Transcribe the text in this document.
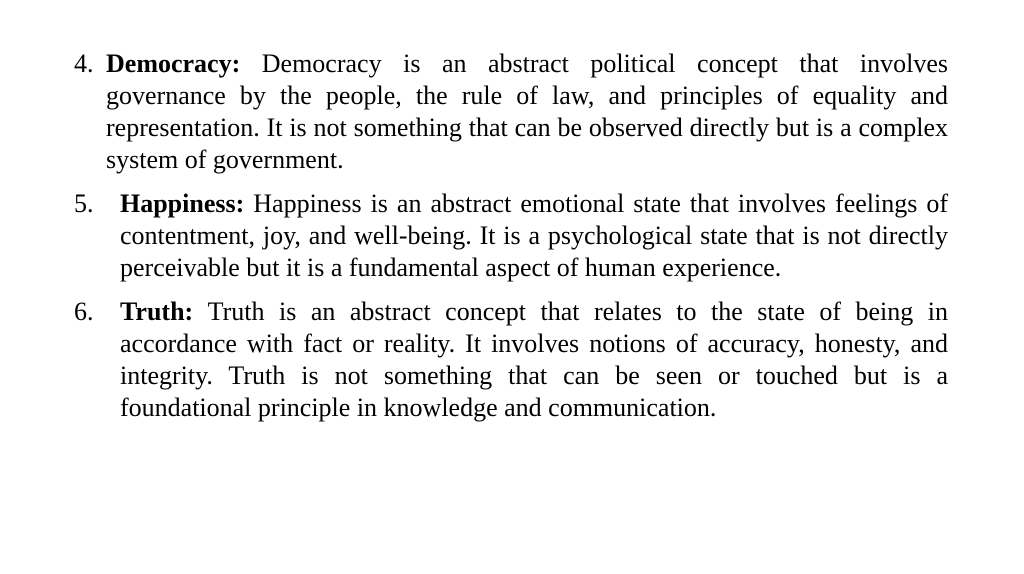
4. Democracy: Democracy is an abstract political concept that involves governance by the people, the rule of law, and principles of equality and representation. It is not something that can be observed directly but is a complex system of government.
5.	Happiness: Happiness is an abstract emotional state that involves feelings of contentment, joy, and well-being. It is a psychological state that is not directly perceivable but it is a fundamental aspect of human experience.
6.	Truth: Truth is an abstract concept that relates to the state of being in accordance with fact or reality. It involves notions of accuracy, honesty, and integrity. Truth is not something that can be seen or touched but is a foundational principle in knowledge and communication.
